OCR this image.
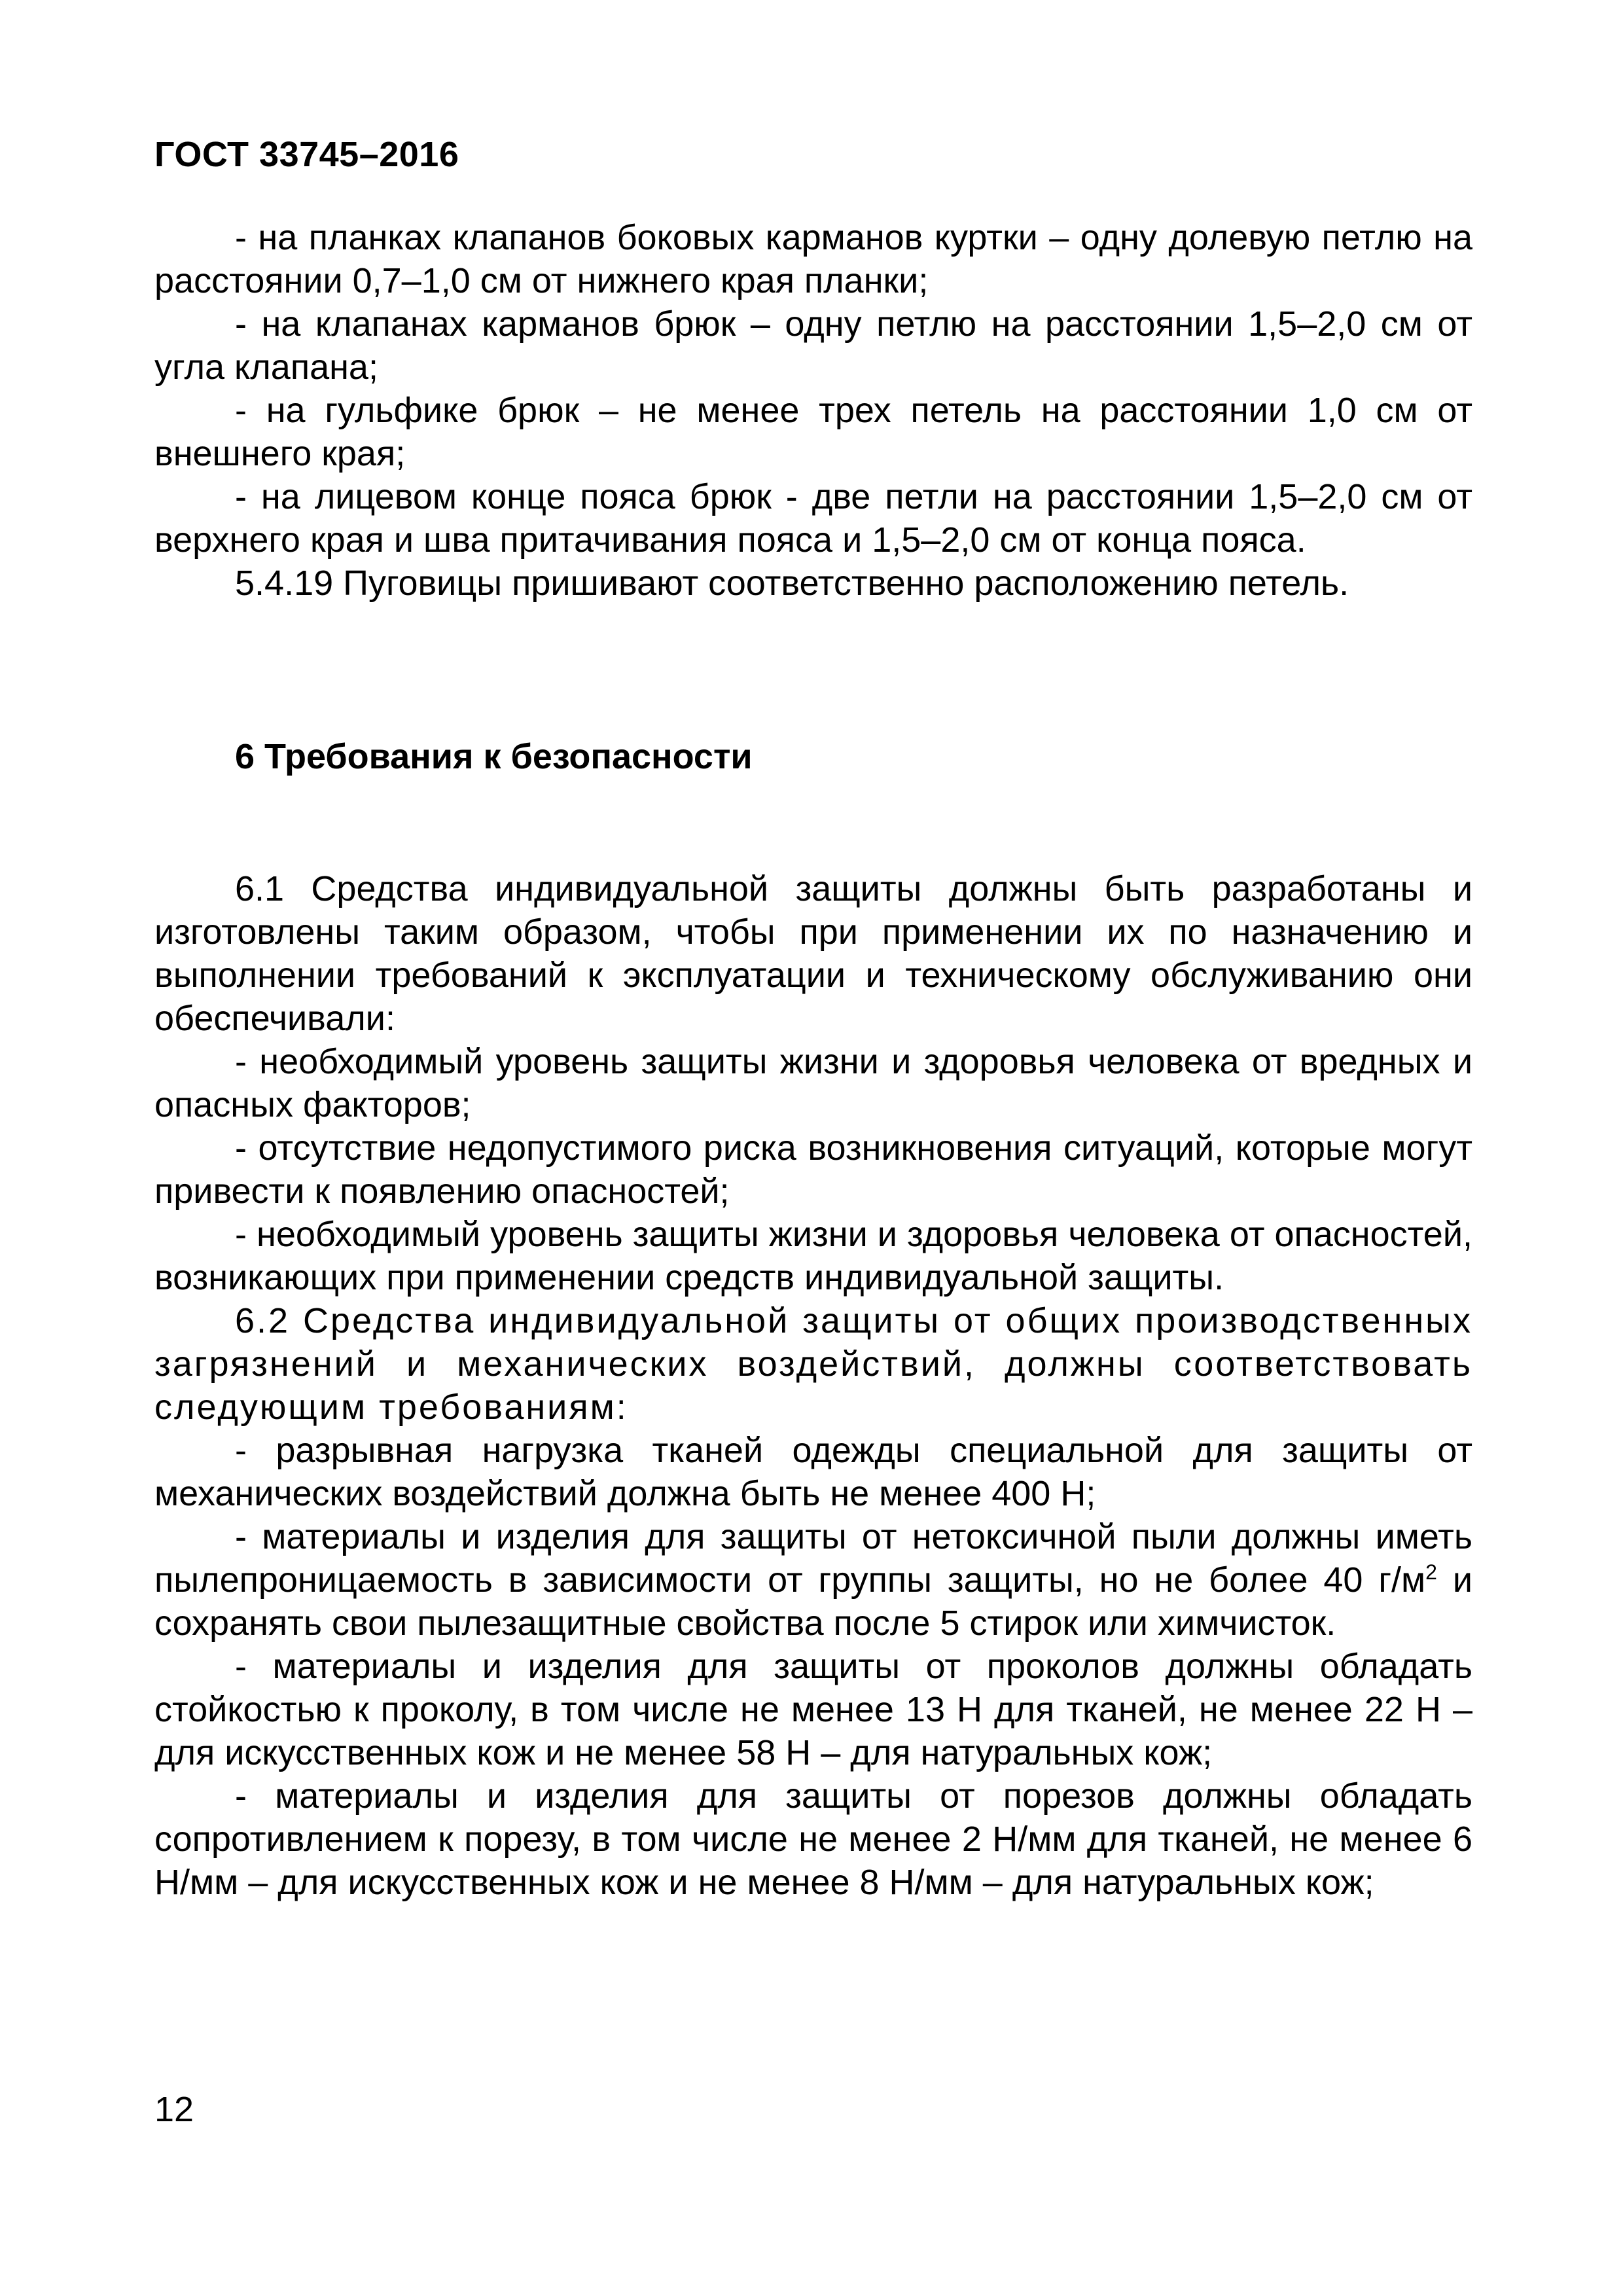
ГОСТ 33745–2016

- на планках клапанов боковых карманов куртки – одну долевую петлю на расстоянии 0,7–1,0 см от нижнего края планки;

- на клапанах карманов брюк – одну петлю на расстоянии 1,5–2,0 см от угла клапана;

- на гульфике брюк – не менее трех петель на расстоянии 1,0 см от внешнего края;

- на лицевом конце пояса брюк - две петли на расстоянии 1,5–2,0 см от верхнего края и шва притачивания пояса и 1,5–2,0 см от конца пояса.

5.4.19 Пуговицы пришивают соответственно расположению петель.

6 Требования к безопасности

6.1 Средства индивидуальной защиты должны быть разработаны и изготовлены таким образом, чтобы при применении их по назначению и выполнении требований к эксплуатации и техническому обслуживанию они обеспечивали:

- необходимый уровень защиты жизни и здоровья человека от вредных и опасных факторов;

- отсутствие недопустимого риска возникновения ситуаций, которые могут привести к появлению опасностей;

- необходимый уровень защиты жизни и здоровья человека от опасностей, возникающих при применении средств индивидуальной защиты.

6.2 Средства индивидуальной защиты от общих производственных загрязнений и механических воздействий, должны соответствовать следующим требованиям:

- разрывная нагрузка тканей одежды специальной для защиты от механических воздействий должна быть не менее 400 Н;

- материалы и изделия для защиты от нетоксичной пыли должны иметь пылепроницаемость в зависимости от группы защиты, но не более 40 $г/м^2$ и сохранять свои пылезащитные свойства после 5 стирок или химчисток.

- материалы и изделия для защиты от проколов должны обладать стойкостью к проколу, в том числе не менее 13 Н для тканей, не менее 22 Н – для искусственных кож и не менее 58 Н – для натуральных кож;

- материалы и изделия для защиты от порезов должны обладать сопротивлением к порезу, в том числе не менее 2 Н/мм для тканей, не менее 6 Н/мм – для искусственных кож и не менее 8 Н/мм – для натуральных кож;

12
